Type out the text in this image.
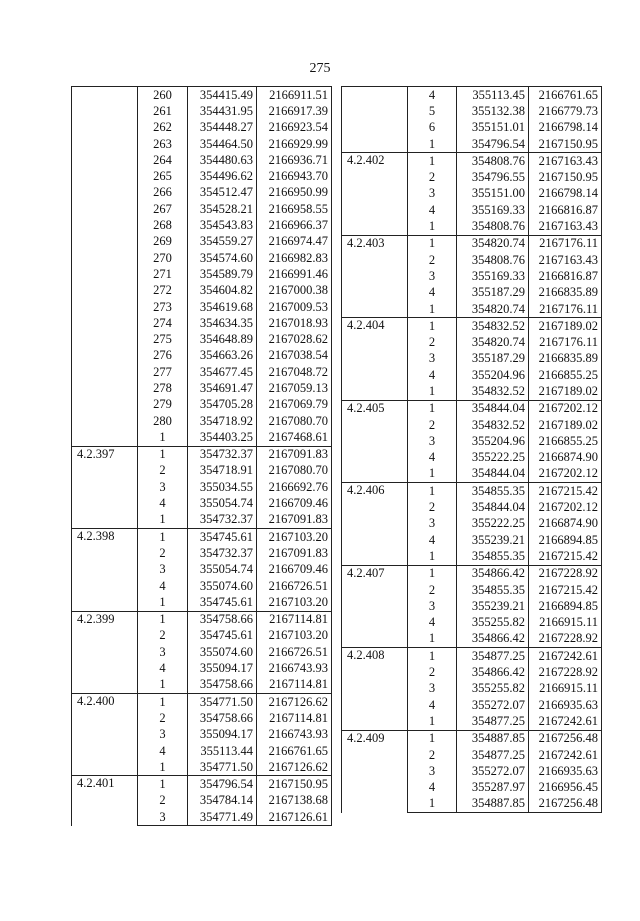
275
	260	354415.49	2166911.51
	261	354431.95	2166917.39
	262	354448.27	2166923.54
	263	354464.50	2166929.99
	264	354480.63	2166936.71
	265	354496.62	2166943.70
	266	354512.47	2166950.99
	267	354528.21	2166958.55
	268	354543.83	2166966.37
	269	354559.27	2166974.47
	270	354574.60	2166982.83
	271	354589.79	2166991.46
	272	354604.82	2167000.38
	273	354619.68	2167009.53
	274	354634.35	2167018.93
	275	354648.89	2167028.62
	276	354663.26	2167038.54
	277	354677.45	2167048.72
	278	354691.47	2167059.13
	279	354705.28	2167069.79
	280	354718.92	2167080.70
	1	354403.25	2167468.61
4.2.397	1	354732.37	2167091.83
	2	354718.91	2167080.70
	3	355034.55	2166692.76
	4	355054.74	2166709.46
	1	354732.37	2167091.83
4.2.398	1	354745.61	2167103.20
	2	354732.37	2167091.83
	3	355054.74	2166709.46
	4	355074.60	2166726.51
	1	354745.61	2167103.20
4.2.399	1	354758.66	2167114.81
	2	354745.61	2167103.20
	3	355074.60	2166726.51
	4	355094.17	2166743.93
	1	354758.66	2167114.81
4.2.400	1	354771.50	2167126.62
	2	354758.66	2167114.81
	3	355094.17	2166743.93
	4	355113.44	2166761.65
	1	354771.50	2167126.62
4.2.401	1	354796.54	2167150.95
	2	354784.14	2167138.68
	3	354771.49	2167126.61
	4	355113.45	2166761.65
	5	355132.38	2166779.73
	6	355151.01	2166798.14
	1	354796.54	2167150.95
4.2.402	1	354808.76	2167163.43
	2	354796.55	2167150.95
	3	355151.00	2166798.14
	4	355169.33	2166816.87
	1	354808.76	2167163.43
4.2.403	1	354820.74	2167176.11
	2	354808.76	2167163.43
	3	355169.33	2166816.87
	4	355187.29	2166835.89
	1	354820.74	2167176.11
4.2.404	1	354832.52	2167189.02
	2	354820.74	2167176.11
	3	355187.29	2166835.89
	4	355204.96	2166855.25
	1	354832.52	2167189.02
4.2.405	1	354844.04	2167202.12
	2	354832.52	2167189.02
	3	355204.96	2166855.25
	4	355222.25	2166874.90
	1	354844.04	2167202.12
4.2.406	1	354855.35	2167215.42
	2	354844.04	2167202.12
	3	355222.25	2166874.90
	4	355239.21	2166894.85
	1	354855.35	2167215.42
4.2.407	1	354866.42	2167228.92
	2	354855.35	2167215.42
	3	355239.21	2166894.85
	4	355255.82	2166915.11
	1	354866.42	2167228.92
4.2.408	1	354877.25	2167242.61
	2	354866.42	2167228.92
	3	355255.82	2166915.11
	4	355272.07	2166935.63
	1	354877.25	2167242.61
4.2.409	1	354887.85	2167256.48
	2	354877.25	2167242.61
	3	355272.07	2166935.63
	4	355287.97	2166956.45
	1	354887.85	2167256.48
